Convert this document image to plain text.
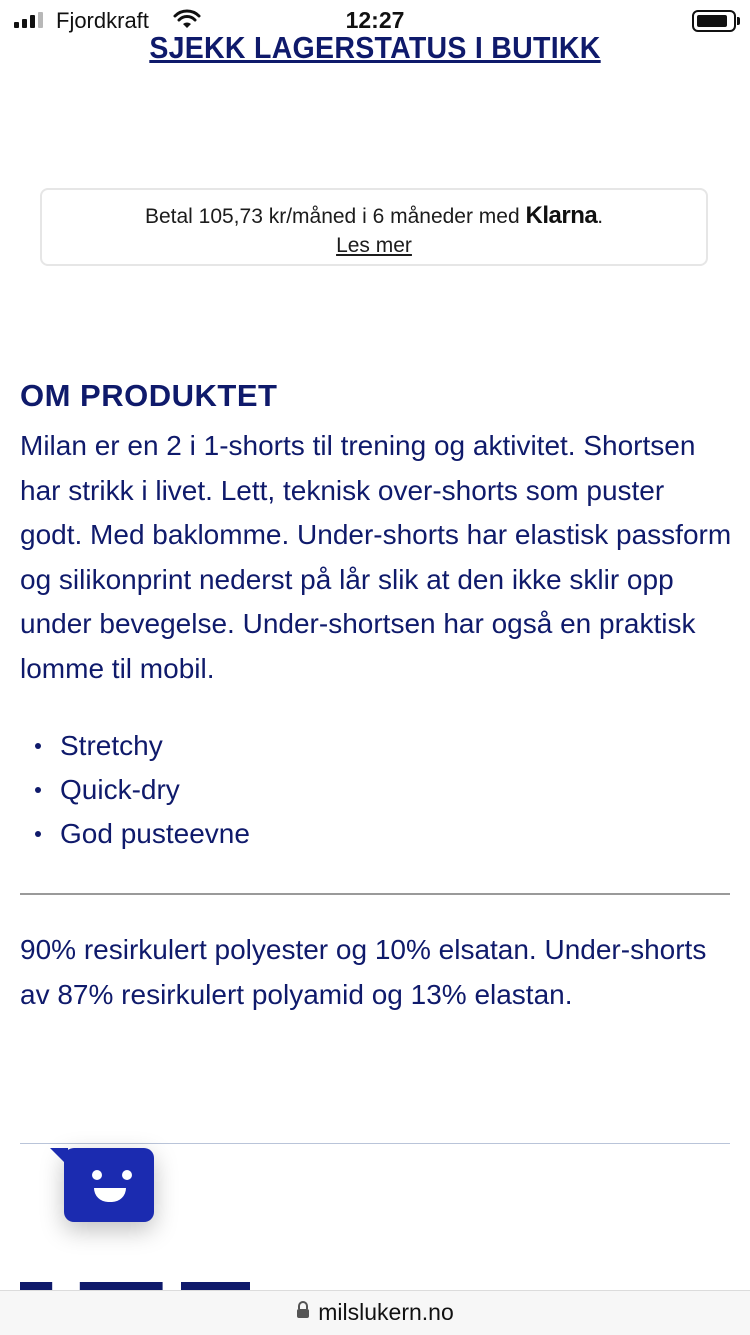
Fjordkraft	12:27
SJEKK LAGERSTATUS I BUTIKK
Betal 105,73 kr/måned i 6 måneder med Klarna.
Les mer
OM PRODUKTET

Milan er en 2 i 1-shorts til trening og aktivitet. Shortsen har strikk i livet. Lett, teknisk over-shorts som puster godt. Med baklomme. Under-shorts har elastisk passform og silikonprint nederst på lår slik at den ikke sklir opp under bevegelse. Under-shortsen har også en praktisk lomme til mobil.

Stretchy
Quick-dry
God pusteevne

90% resirkulert polyester og 10% elsatan. Under-shorts av 87% resirkulert polyamid og 13% elastan.

milslukern.no
